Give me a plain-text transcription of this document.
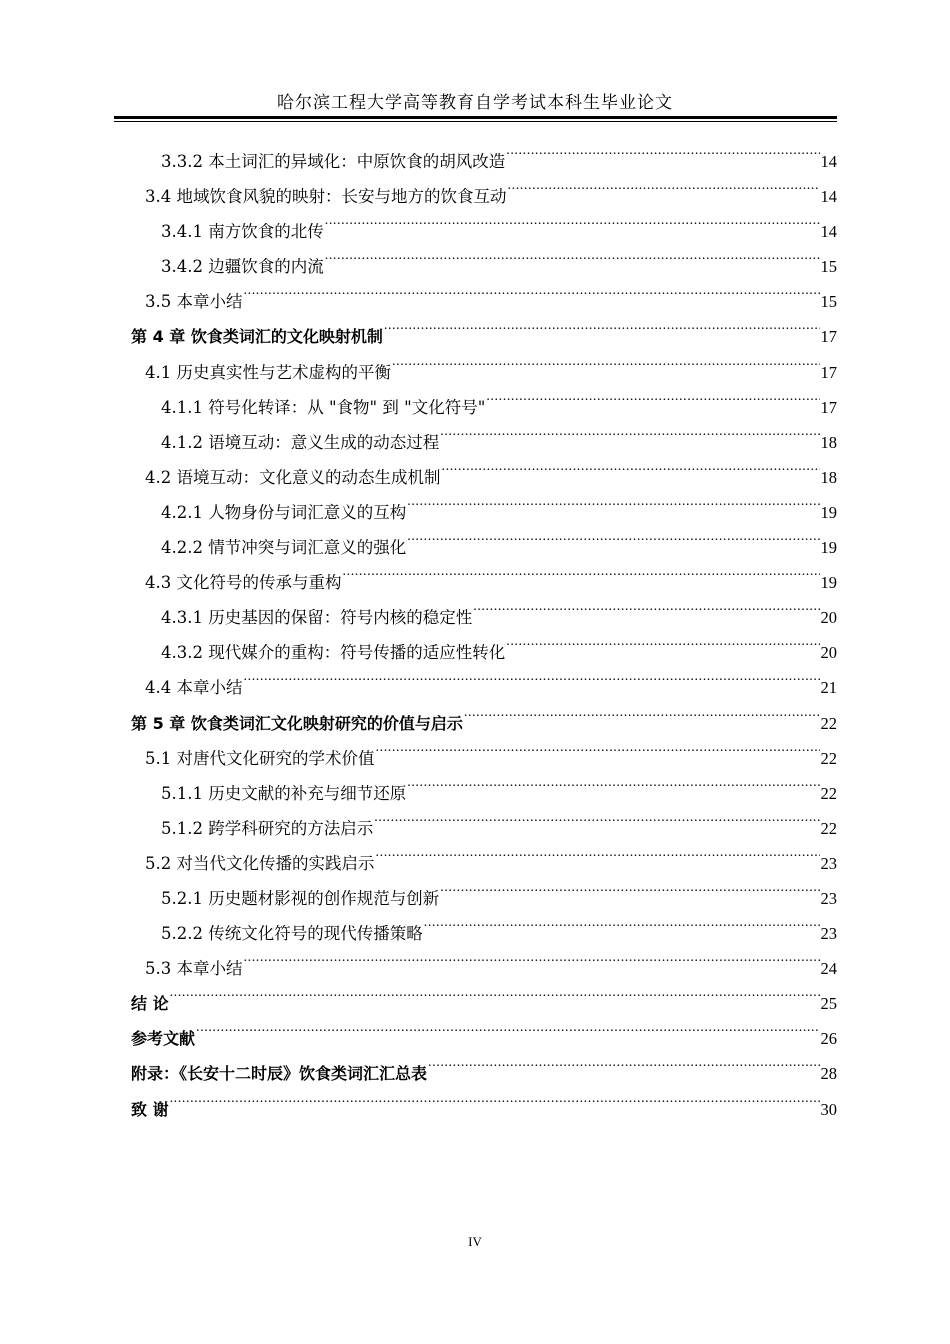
哈尔滨工程大学高等教育自学考试本科生毕业论文
3.3.2 本土词汇的异域化：中原饮食的胡风改造 .....	14
3.4 地域饮食风貌的映射：长安与地方的饮食互动 .....	14
3.4.1 南方饮食的北传 .....	14
3.4.2 边疆饮食的内流 .....	15
3.5 本章小结 .....	15
第 4 章 饮食类词汇的文化映射机制 .....	17
4.1 历史真实性与艺术虚构的平衡 .....	17
4.1.1 符号化转译：从 "食物" 到 "文化符号" .....	17
4.1.2 语境互动：意义生成的动态过程 .....	18
4.2 语境互动：文化意义的动态生成机制 .....	18
4.2.1 人物身份与词汇意义的互构 .....	19
4.2.2 情节冲突与词汇意义的强化 .....	19
4.3 文化符号的传承与重构 .....	19
4.3.1 历史基因的保留：符号内核的稳定性 .....	20
4.3.2 现代媒介的重构：符号传播的适应性转化 .....	20
4.4 本章小结 .....	21
第 5 章 饮食类词汇文化映射研究的价值与启示 .....	22
5.1 对唐代文化研究的学术价值 .....	22
5.1.1 历史文献的补充与细节还原 .....	22
5.1.2 跨学科研究的方法启示 .....	22
5.2 对当代文化传播的实践启示 .....	23
5.2.1 历史题材影视的创作规范与创新 .....	23
5.2.2 传统文化符号的现代传播策略 .....	23
5.3 本章小结 .....	24
结 论 .....	25
参考文献 .....	26
附录：《长安十二时辰》饮食类词汇汇总表 .....	28
致 谢 .....	30
IV
